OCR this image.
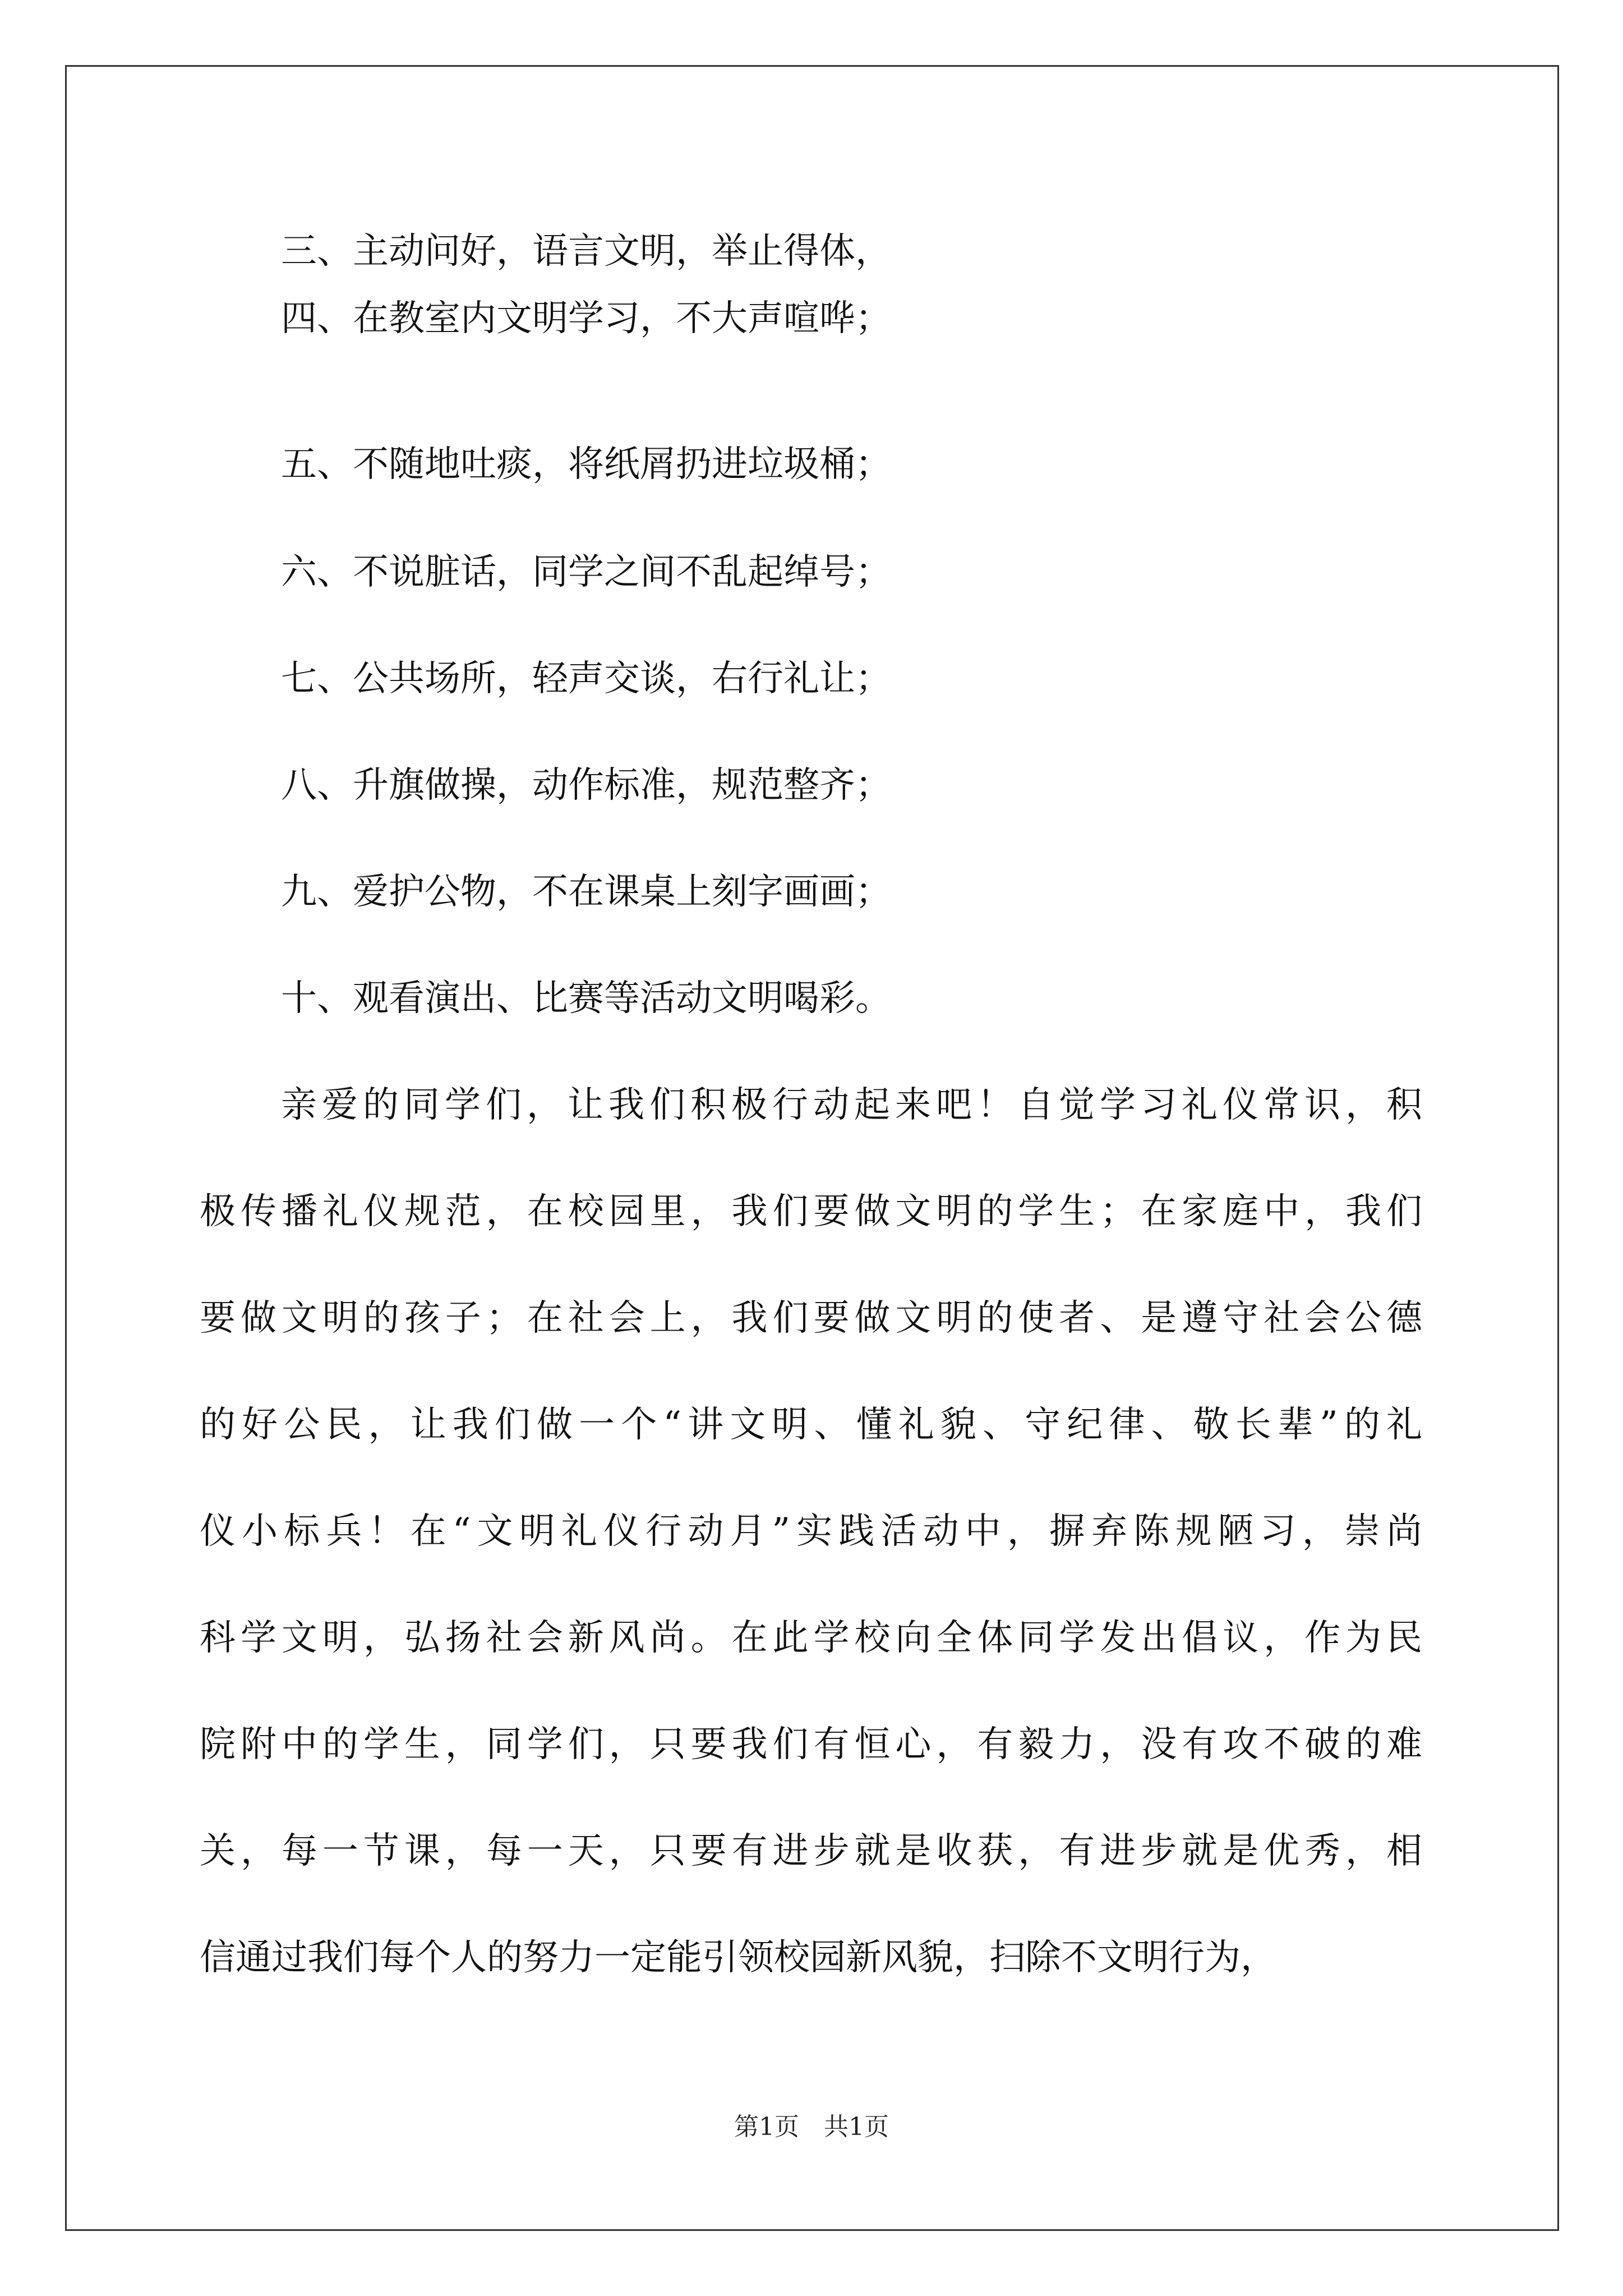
三、主动问好，语言文明，举止得体，
四、在教室内文明学习，不大声喧哗；
五、不随地吐痰，将纸屑扔进垃圾桶；
六、不说脏话，同学之间不乱起绰号；
七、公共场所，轻声交谈，右行礼让；
八、升旗做操，动作标准，规范整齐；
九、爱护公物，不在课桌上刻字画画；
十、观看演出、比赛等活动文明喝彩。
亲爱的同学们，让我们积极行动起来吧！自觉学习礼仪常识，积
极传播礼仪规范，在校园里，我们要做文明的学生；在家庭中，我们
要做文明的孩子；在社会上，我们要做文明的使者、是遵守社会公德
的好公民，让我们做一个“讲文明、懂礼貌、守纪律、敬长辈”的礼
仪小标兵！在“文明礼仪行动月”实践活动中，摒弃陈规陋习，崇尚
科学文明，弘扬社会新风尚。在此学校向全体同学发出倡议，作为民
院附中的学生，同学们，只要我们有恒心，有毅力，没有攻不破的难
关，每一节课，每一天，只要有进步就是收获，有进步就是优秀，相
信通过我们每个人的努力一定能引领校园新风貌，扫除不文明行为，
第1页　共1页
